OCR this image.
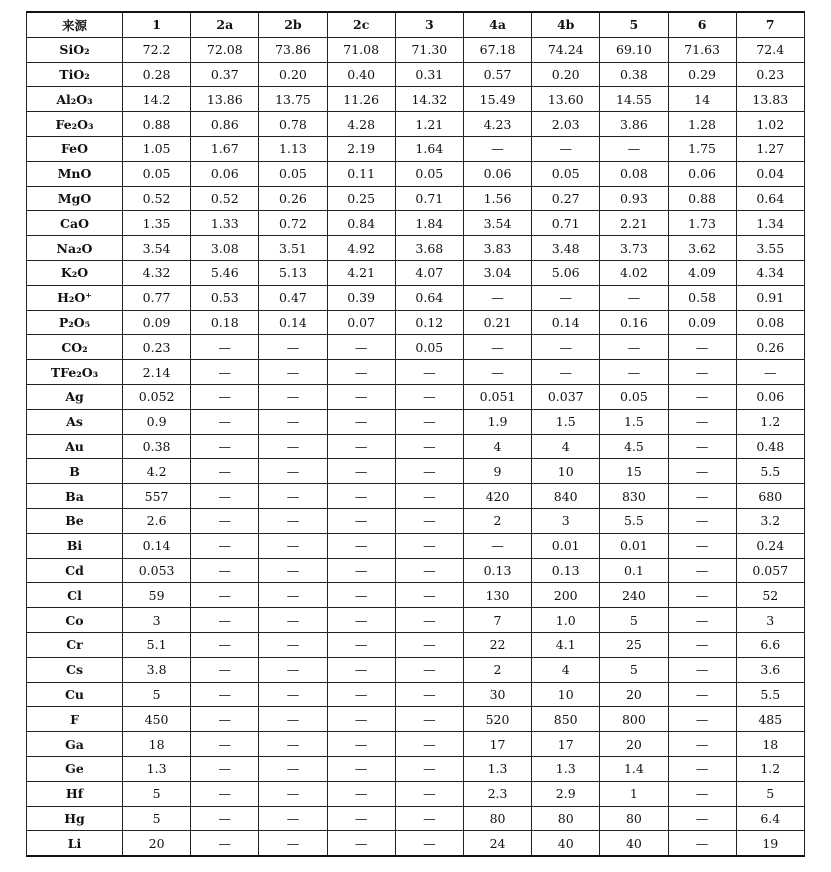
来源	1	2a	2b	2c	3	4a	4b	5	6	7
SiO₂	72.2	72.08	73.86	71.08	71.30	67.18	74.24	69.10	71.63	72.4
TiO₂	0.28	0.37	0.20	0.40	0.31	0.57	0.20	0.38	0.29	0.23
Al₂O₃	14.2	13.86	13.75	11.26	14.32	15.49	13.60	14.55	14	13.83
Fe₂O₃	0.88	0.86	0.78	4.28	1.21	4.23	2.03	3.86	1.28	1.02
FeO	1.05	1.67	1.13	2.19	1.64	—	—	—	1.75	1.27
MnO	0.05	0.06	0.05	0.11	0.05	0.06	0.05	0.08	0.06	0.04
MgO	0.52	0.52	0.26	0.25	0.71	1.56	0.27	0.93	0.88	0.64
CaO	1.35	1.33	0.72	0.84	1.84	3.54	0.71	2.21	1.73	1.34
Na₂O	3.54	3.08	3.51	4.92	3.68	3.83	3.48	3.73	3.62	3.55
K₂O	4.32	5.46	5.13	4.21	4.07	3.04	5.06	4.02	4.09	4.34
H₂O⁺	0.77	0.53	0.47	0.39	0.64	—	—	—	0.58	0.91
P₂O₅	0.09	0.18	0.14	0.07	0.12	0.21	0.14	0.16	0.09	0.08
CO₂	0.23	—	—	—	0.05	—	—	—	—	0.26
TFe₂O₃	2.14	—	—	—	—	—	—	—	—	—
Ag	0.052	—	—	—	—	0.051	0.037	0.05	—	0.06
As	0.9	—	—	—	—	1.9	1.5	1.5	—	1.2
Au	0.38	—	—	—	—	4	4	4.5	—	0.48
B	4.2	—	—	—	—	9	10	15	—	5.5
Ba	557	—	—	—	—	420	840	830	—	680
Be	2.6	—	—	—	—	2	3	5.5	—	3.2
Bi	0.14	—	—	—	—	—	0.01	0.01	—	0.24
Cd	0.053	—	—	—	—	0.13	0.13	0.1	—	0.057
Cl	59	—	—	—	—	130	200	240	—	52
Co	3	—	—	—	—	7	1.0	5	—	3
Cr	5.1	—	—	—	—	22	4.1	25	—	6.6
Cs	3.8	—	—	—	—	2	4	5	—	3.6
Cu	5	—	—	—	—	30	10	20	—	5.5
F	450	—	—	—	—	520	850	800	—	485
Ga	18	—	—	—	—	17	17	20	—	18
Ge	1.3	—	—	—	—	1.3	1.3	1.4	—	1.2
Hf	5	—	—	—	—	2.3	2.9	1	—	5
Hg	5	—	—	—	—	80	80	80	—	6.4
Li	20	—	—	—	—	24	40	40	—	19
